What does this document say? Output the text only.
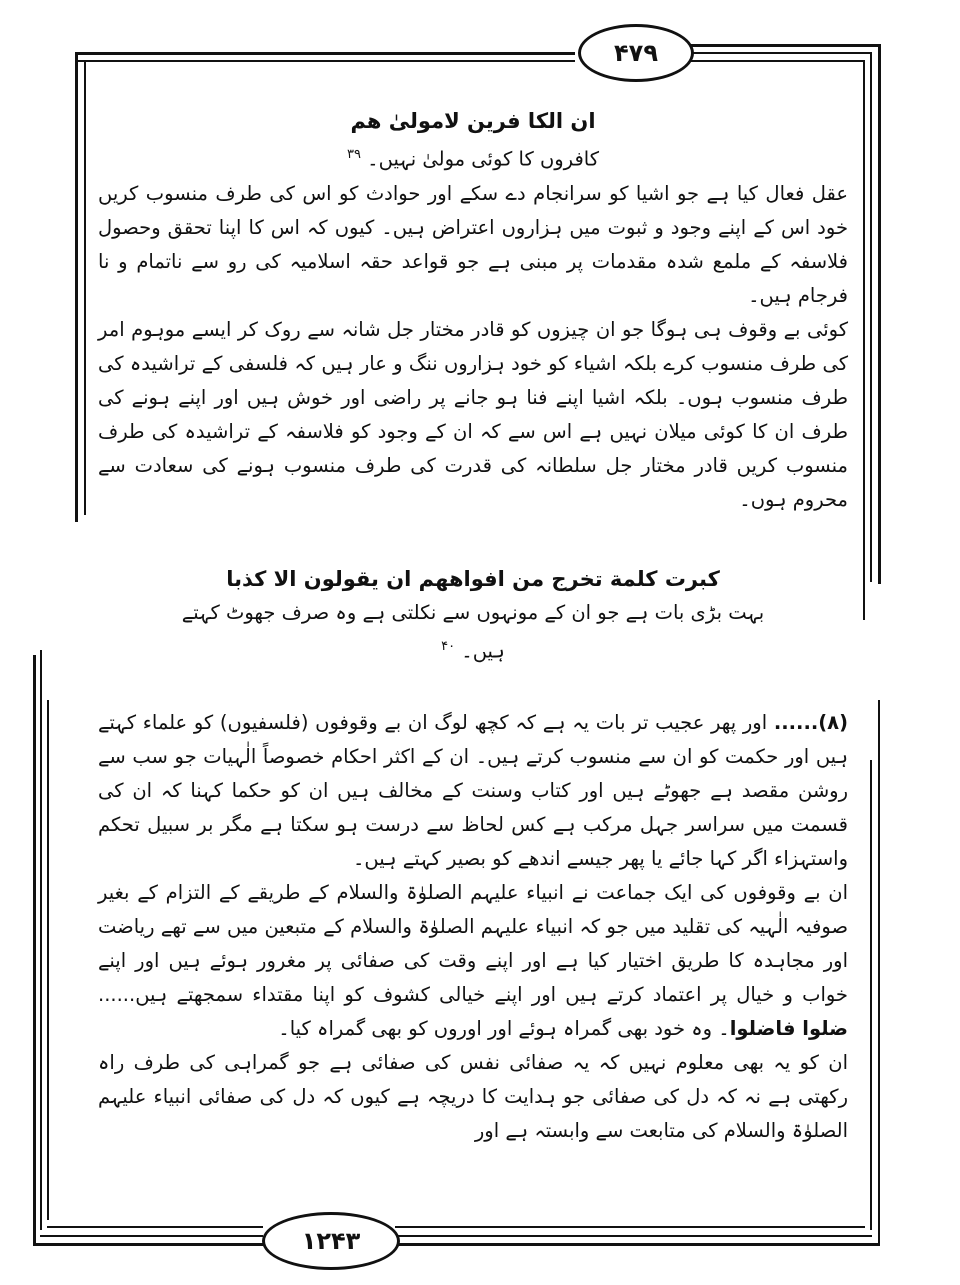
۴۷۹
ان الكا فرين لامولىٰ هم
کافروں کا کوئی مولیٰ نہیں۔ $^{۳۹}$

عقل فعال کیا ہے جو اشیا کو سرانجام دے سکے اور حوادث کو اس کی طرف منسوب کریں خود اس کے اپنے وجود و ثبوت میں ہزاروں اعتراض ہیں۔ کیوں کہ اس کا اپنا تحقق وحصول فلاسفہ کے ملمع شدہ مقدمات پر مبنی ہے جو قواعد حقہ اسلامیہ کی رو سے ناتمام و نا فرجام ہیں۔

کوئی بے وقوف ہی ہوگا جو ان چیزوں کو قادر مختار جل شانہ سے روک کر ایسے موہوم امر کی طرف منسوب کرے بلکہ اشیاء کو خود ہزاروں ننگ و عار ہیں کہ فلسفی کے تراشیدہ کی طرف منسوب ہوں۔ بلکہ اشیا اپنے فنا ہو جانے پر راضی اور خوش ہیں اور اپنے ہونے کی طرف ان کا کوئی میلان نہیں ہے اس سے کہ ان کے وجود کو فلاسفہ کے تراشیدہ کی طرف منسوب کریں قادر مختار جل سلطانہ کی قدرت کی طرف منسوب ہونے کی سعادت سے محروم ہوں۔

كبرت كلمة تخرج من افواههم ان يقولون الا كذبا
بہت بڑی بات ہے جو ان کے مونہوں سے نکلتی ہے وہ صرف جھوٹ کہتے
ہیں۔ $^{۴۰}$

(۸)...... اور پھر عجیب تر بات یہ ہے کہ کچھ لوگ ان بے وقوفوں (فلسفیوں) کو علماء کہتے ہیں اور حکمت کو ان سے منسوب کرتے ہیں۔ ان کے اکثر احکام خصوصاً الٰہیات جو سب سے روشن مقصد ہے جھوٹے ہیں اور کتاب وسنت کے مخالف ہیں ان کو حکما کہنا کہ ان کی قسمت میں سراسر جہل مرکب ہے کس لحاظ سے درست ہو سکتا ہے مگر بر سبیل تحکم واستہزاء اگر کہا جائے یا پھر جیسے اندھے کو بصیر کہتے ہیں۔

ان بے وقوفوں کی ایک جماعت نے انبیاء علیہم الصلوٰۃ والسلام کے طریقے کے التزام کے بغیر صوفیہ الٰہیہ کی تقلید میں جو کہ انبیاء علیہم الصلوٰۃ والسلام کے متبعین میں سے تھے ریاضت اور مجاہدہ کا طریق اختیار کیا ہے اور اپنے وقت کی صفائی پر مغرور ہوئے ہیں اور اپنے خواب و خیال پر اعتماد کرتے ہیں اور اپنے خیالی کشوف کو اپنا مقتداء سمجھتے ہیں...... ضلوا فاضلوا۔ وہ خود بھی گمراہ ہوئے اور اوروں کو بھی گمراہ کیا۔

ان کو یہ بھی معلوم نہیں کہ یہ صفائی نفس کی صفائی ہے جو گمراہی کی طرف راہ رکھتی ہے نہ کہ دل کی صفائی جو ہدایت کا دریچہ ہے کیوں کہ دل کی صفائی انبیاء علیہم الصلوٰۃ والسلام کی متابعت سے وابستہ ہے اور

۱۲۴۳
